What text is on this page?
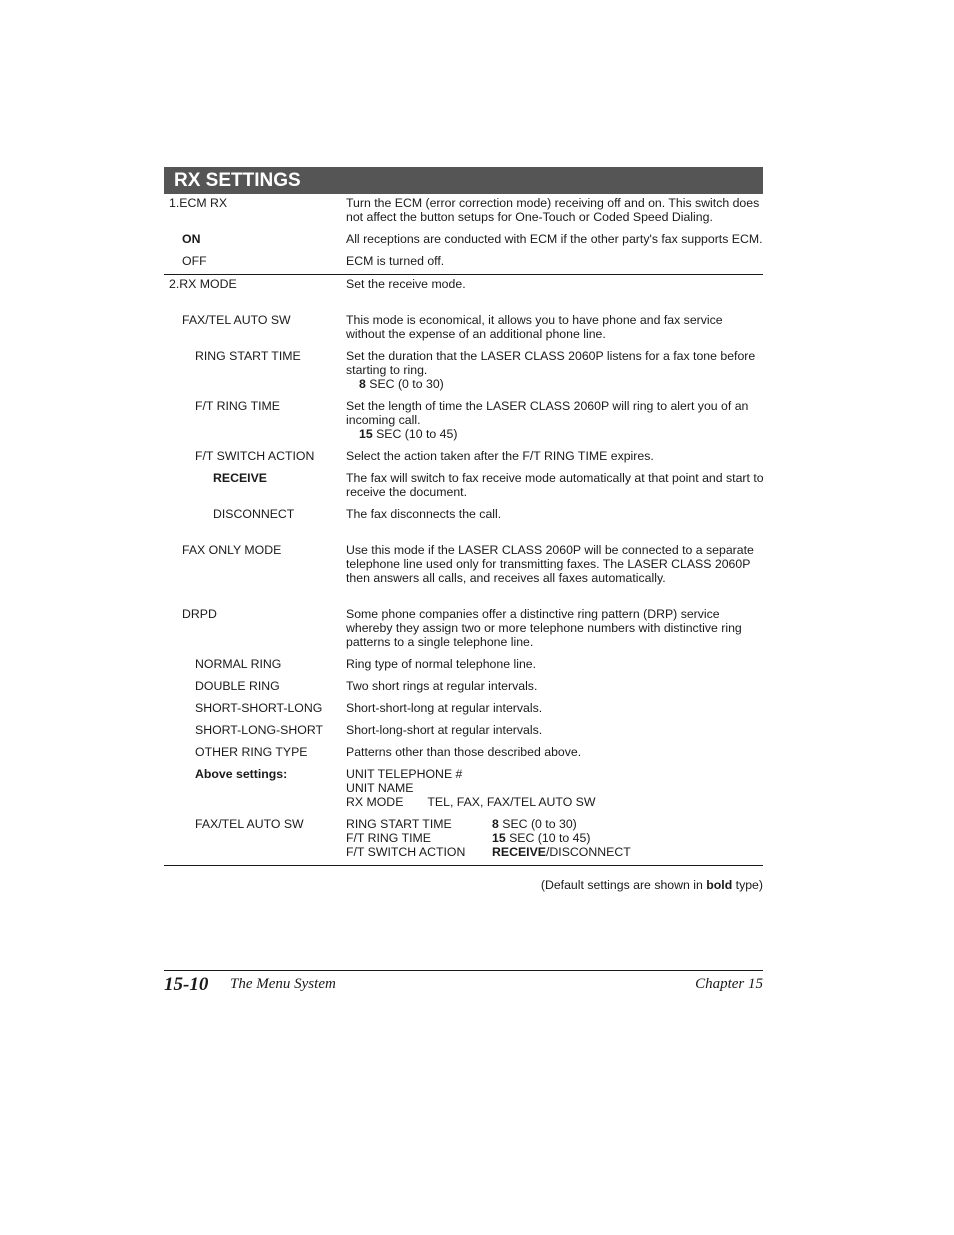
RX SETTINGS
1.ECM RX	Turn the ECM (error correction mode) receiving off and on. This switch does not affect the button setups for One-Touch or Coded Speed Dialing.
ON	All receptions are conducted with ECM if the other party's fax supports ECM.
OFF	ECM is turned off.
2.RX MODE	Set the receive mode.
FAX/TEL AUTO SW	This mode is economical, it allows you to have phone and fax service without the expense of an additional phone line.
RING START TIME	Set the duration that the LASER CLASS 2060P listens for a fax tone before starting to ring.
8 SEC (0 to 30)
F/T RING TIME	Set the length of time the LASER CLASS 2060P will ring to alert you of an incoming call.
15 SEC (10 to 45)
F/T SWITCH ACTION	Select the action taken after the F/T RING TIME expires.
RECEIVE	The fax will switch to fax receive mode automatically at that point and start to receive the document.
DISCONNECT	The fax disconnects the call.
FAX ONLY MODE	Use this mode if the LASER CLASS 2060P will be connected to a separate telephone line used only for transmitting faxes. The LASER CLASS 2060P then answers all calls, and receives all faxes automatically.
DRPD	Some phone companies offer a distinctive ring pattern (DRP) service whereby they assign two or more telephone numbers with distinctive ring patterns to a single telephone line.
NORMAL RING	Ring type of normal telephone line.
DOUBLE RING	Two short rings at regular intervals.
SHORT-SHORT-LONG Short-short-long at regular intervals.
SHORT-LONG-SHORT Short-long-short at regular intervals.
OTHER RING TYPE	Patterns other than those described above.
Above settings:	UNIT TELEPHONE #
UNIT NAME
RX MODE TEL, FAX, FAX/TEL AUTO SW
FAX/TEL AUTO SW	RING START TIME	8 SEC (0 to 30)
F/T RING TIME	15 SEC (10 to 45)
F/T SWITCH ACTION	RECEIVE/DISCONNECT
(Default settings are shown in bold type)
15-10 The Menu System	Chapter 15
